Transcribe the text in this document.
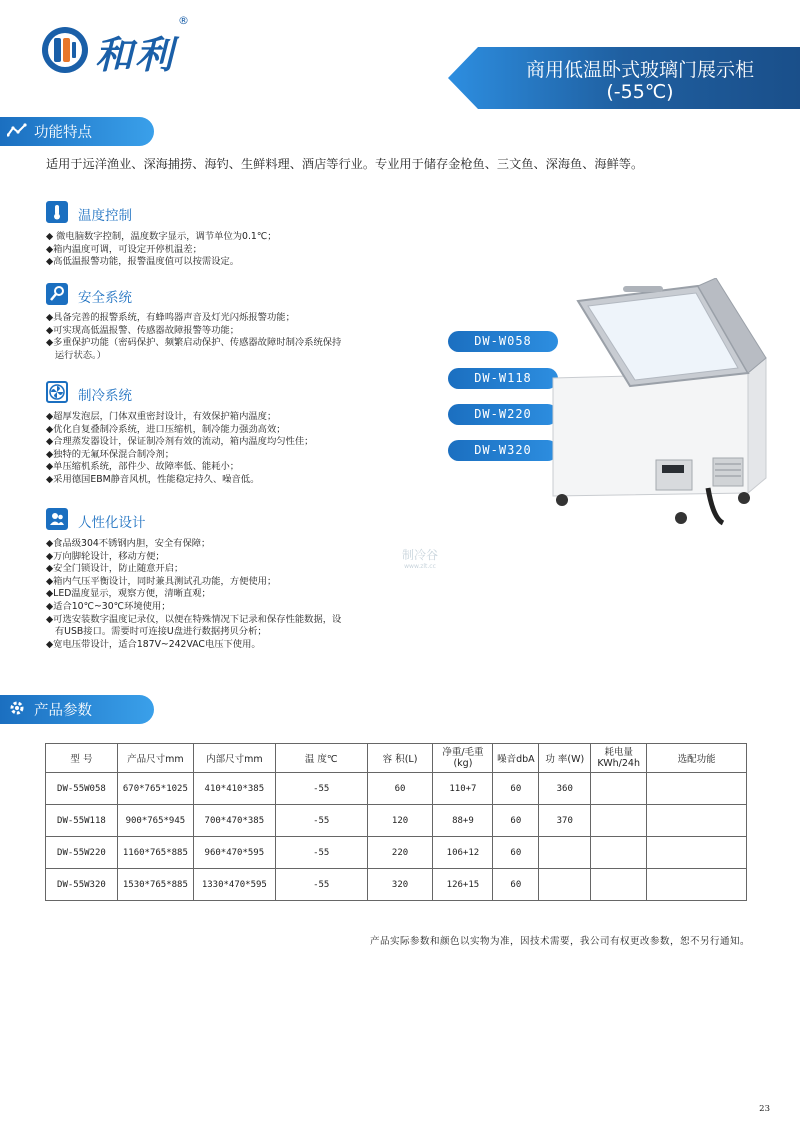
和利
®
商用低温卧式玻璃门展示柜
(-55℃)
功能特点
适用于远洋渔业、深海捕捞、海钓、生鲜料理、酒店等行业。专业用于储存金枪鱼、三文鱼、深海鱼、海鲜等。
温度控制
◆ 微电脑数字控制，温度数字显示，调节单位为0.1℃；
◆箱内温度可调，可设定开停机温差；
◆高低温报警功能，报警温度值可以按需设定。
安全系统
◆具备完善的报警系统，有蜂鸣器声音及灯光闪烁报警功能；
◆可实现高低温报警、传感器故障报警等功能；
◆多重保护功能（密码保护、频繁启动保护、传感器故障时制冷系统保持
运行状态。）
制冷系统
◆超厚发泡层，门体双重密封设计，有效保护箱内温度；
◆优化自复叠制冷系统，进口压缩机，制冷能力强劲高效；
◆合理蒸发器设计，保证制冷剂有效的流动，箱内温度均匀性佳；
◆独特的无氟环保混合制冷剂；
◆单压缩机系统，部件少、故障率低、能耗小；
◆采用德国EBM静音风机，性能稳定持久、噪音低。
人性化设计
◆食品级304不锈钢内胆，安全有保障；
◆万向脚轮设计，移动方便；
◆安全门锁设计，防止随意开启；
◆箱内气压平衡设计，同时兼具测试孔功能，方便使用；
◆LED温度显示，观察方便，清晰直观；
◆适合10℃~30℃环境使用；
◆可选安装数字温度记录仪，以便在特殊情况下记录和保存性能数据，设
有USB接口。需要时可连接U盘进行数据拷贝分析；
◆宽电压带设计，适合187V~242VAC电压下使用。
DW-W058
DW-W118
DW-W220
DW-W320
制冷谷
www.zlt.cc
产品参数
型 号	产品尺寸mm	内部尺寸mm	温 度℃	容 积(L)	净重/毛重
(kg)	噪音dbA	功 率(W)	耗电量
KWh/24h	选配功能
DW-55W058	670*765*1025	410*410*385	-55	60	110+7	60	360		
DW-55W118	900*765*945	700*470*385	-55	120	88+9	60	370		
DW-55W220	1160*765*885	960*470*595	-55	220	106+12	60			
DW-55W320	1530*765*885	1330*470*595	-55	320	126+15	60			
产品实际参数和颜色以实物为准，因技术需要，我公司有权更改参数，恕不另行通知。
23
